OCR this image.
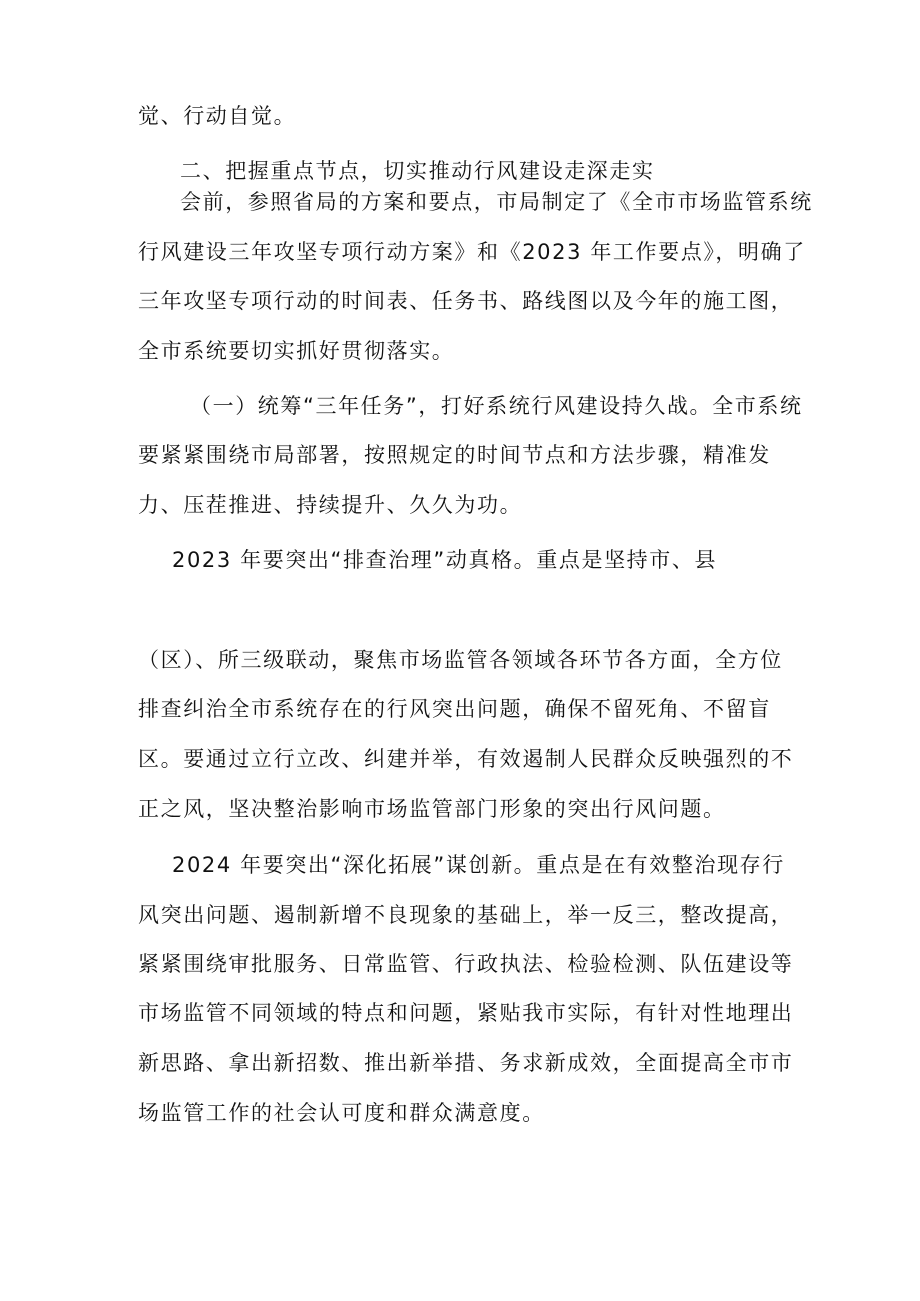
觉、行动自觉。
二、把握重点节点，切实推动行风建设走深走实
会前，参照省局的方案和要点，市局制定了《全市市场监管系统
行风建设三年攻坚专项行动方案》和《2023 年工作要点》，明确了
三年攻坚专项行动的时间表、任务书、路线图以及今年的施工图，
全市系统要切实抓好贯彻落实。
（一）统筹“三年任务”，打好系统行风建设持久战。全市系统
要紧紧围绕市局部署，按照规定的时间节点和方法步骤，精准发
力、压茬推进、持续提升、久久为功。
2023 年要突出“排查治理”动真格。重点是坚持市、县
（区）、所三级联动，聚焦市场监管各领域各环节各方面，全方位
排查纠治全市系统存在的行风突出问题，确保不留死角、不留盲
区。要通过立行立改、纠建并举，有效遏制人民群众反映强烈的不
正之风，坚决整治影响市场监管部门形象的突出行风问题。
2024 年要突出“深化拓展”谋创新。重点是在有效整治现存行
风突出问题、遏制新增不良现象的基础上，举一反三，整改提高，
紧紧围绕审批服务、日常监管、行政执法、检验检测、队伍建设等
市场监管不同领域的特点和问题，紧贴我市实际，有针对性地理出
新思路、拿出新招数、推出新举措、务求新成效，全面提高全市市
场监管工作的社会认可度和群众满意度。
